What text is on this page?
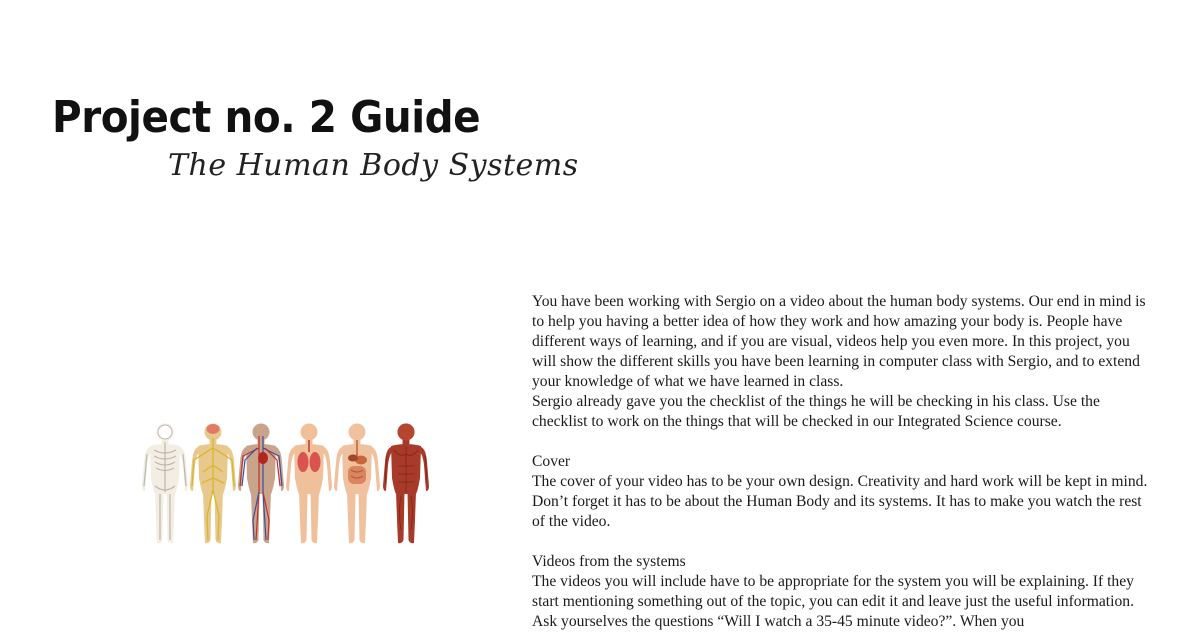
Project no. 2 Guide
The Human Body Systems

You have been working with Sergio on a video about the human body systems. Our end in mind is to help you having a better idea of how they work and how amazing your body is. People have different ways of learning, and if you are visual, videos help you even more. In this project, you will show the different skills you have been learning in computer class with Sergio, and to extend your knowledge of what we have learned in class.

Sergio already gave you the checklist of the things he will be checking in his class. Use the checklist to work on the things that will be checked in our Integrated Science course.

Cover

The cover of your video has to be your own design. Creativity and hard work will be kept in mind. Don’t forget it has to be about the Human Body and its systems. It has to make you watch the rest of the video.

Videos from the systems

The videos you will include have to be appropriate for the system you will be explaining. If they start mentioning something out of the topic, you can edit it and leave just the useful information. Ask yourselves the questions “Will I watch a 35-45 minute video?”. When you
